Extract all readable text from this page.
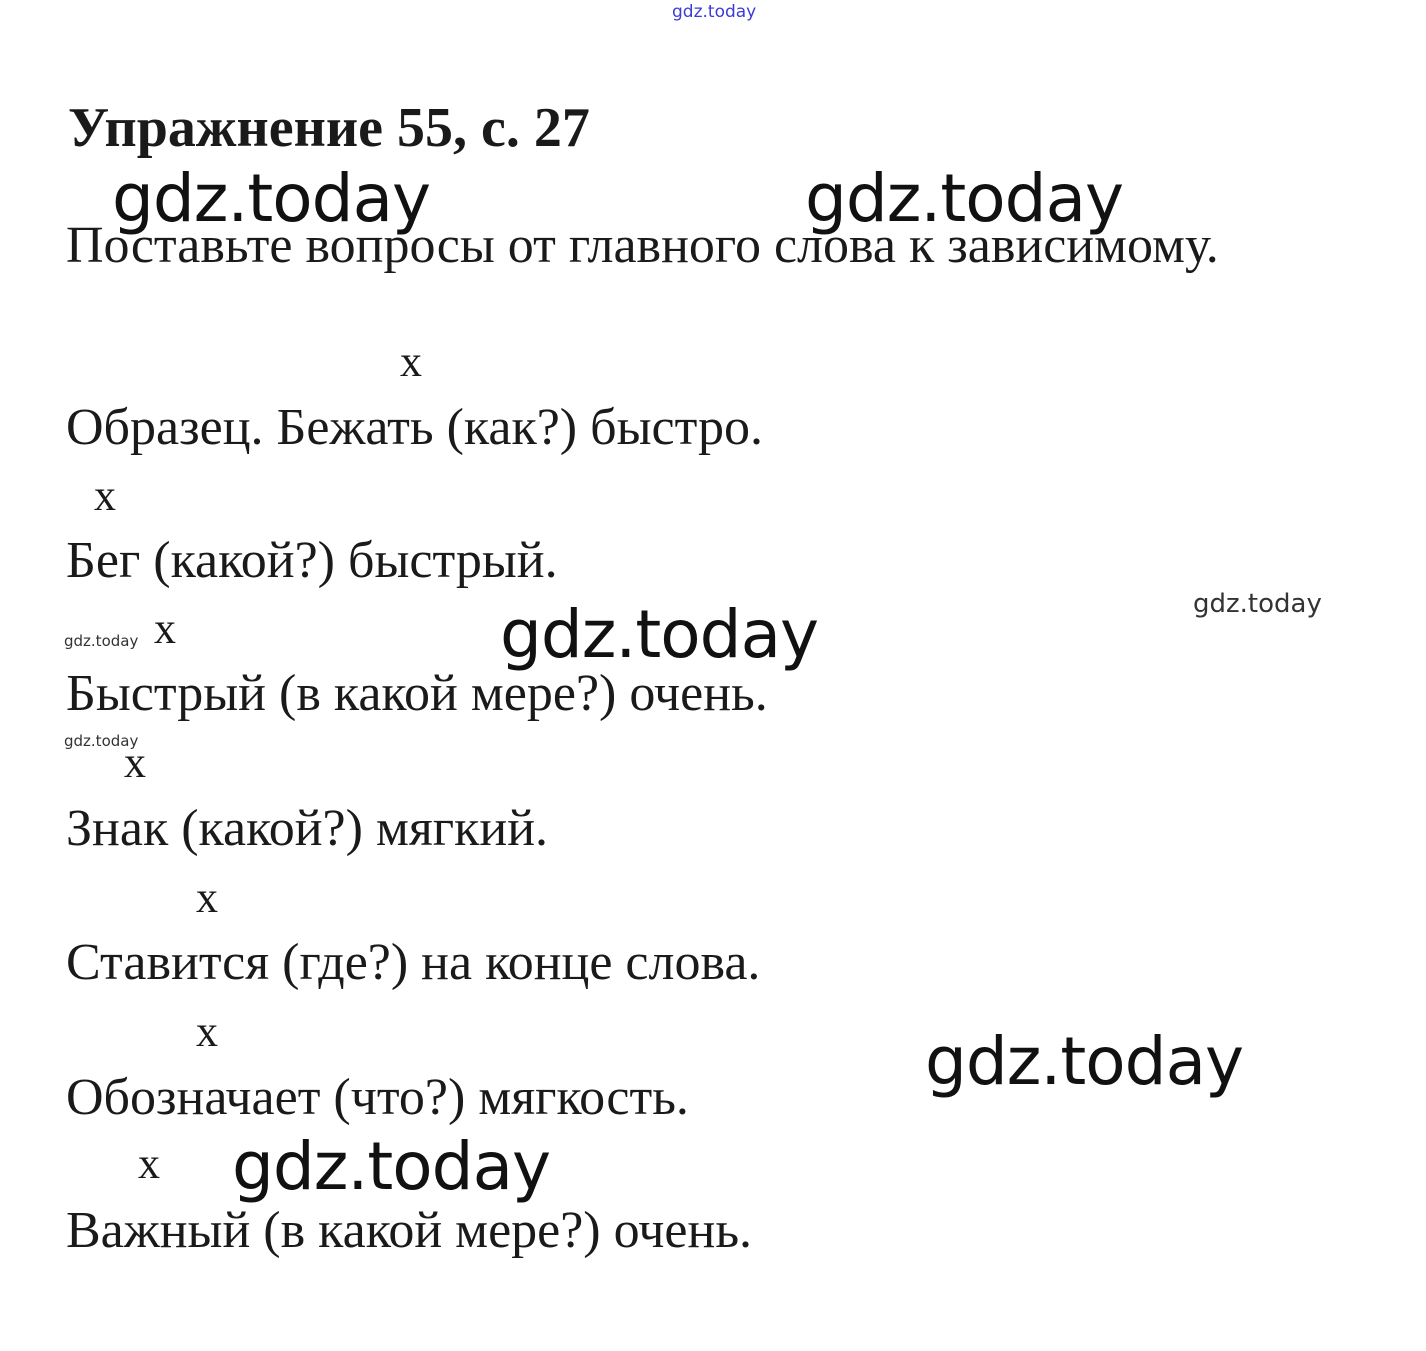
gdz.today
gdz.today	gdz.today
gdz.today
gdz.today	gdz.today
gdz.today
gdz.today
gdz.today
Упражнение 55, с. 27
Поставьте вопросы от главного слова к зависимому.
x
Образец. Бежать (как?) быстро.
x
Бег (какой?) быстрый.
x
Быстрый (в какой мере?) очень.
x
Знак (какой?) мягкий.
x
Ставится (где?) на конце слова.
x
Обозначает (что?) мягкость.
x
Важный (в какой мере?) очень.
